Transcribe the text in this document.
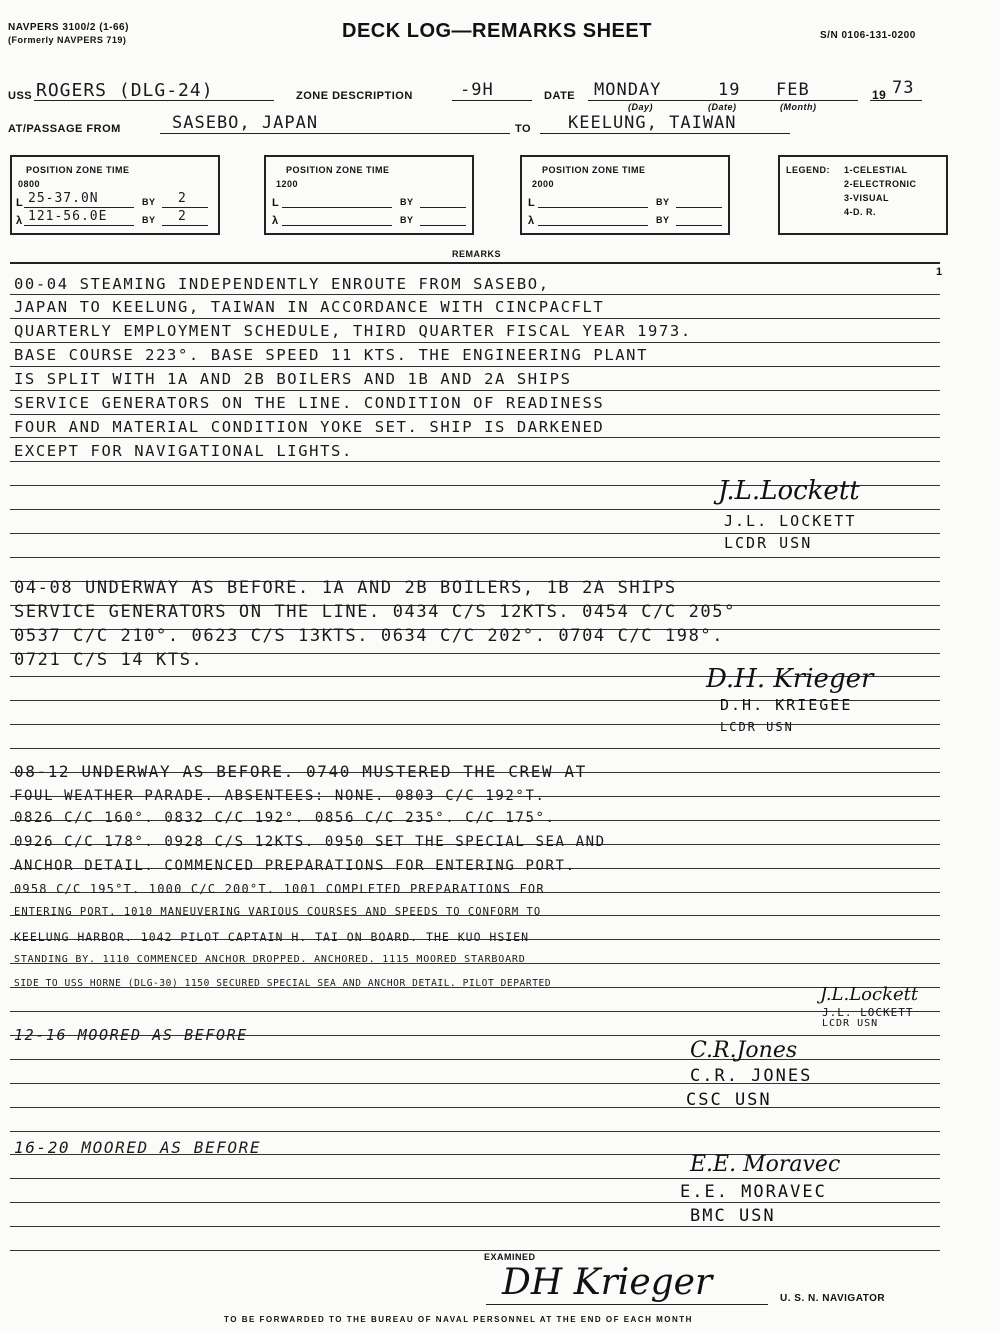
NAVPERS 3100/2 (1-66)
(Formerly NAVPERS 719)	DECK LOG—REMARKS SHEET	S/N 0106-131-0200
USS ROGERS (DLG-24)	ZONE DESCRIPTION	-9H	DATE MONDAY	19 FEB	19 73
(Day)	(Date)	(Month)
AT/PASSAGE FROM	SASEBO, JAPAN	TO KEELUNG, TAIWAN
POSITION ZONE TIME
0800
L 25-37.0N	BY 2
λ 121-56.0E	BY 2
POSITION ZONE TIME
1200
L	BY
λ	BY
POSITION ZONE TIME
2000
L	BY
λ	BY
LEGEND: 1-CELESTIAL
2-ELECTRONIC
3-VISUAL
4-D. R.
REMARKS
1
00-04 STEAMING INDEPENDENTLY ENROUTE FROM SASEBO,
JAPAN TO KEELUNG, TAIWAN IN ACCORDANCE WITH CINCPACFLT
QUARTERLY EMPLOYMENT SCHEDULE, THIRD QUARTER FISCAL YEAR 1973.
BASE COURSE 223°. BASE SPEED 11 KTS. THE ENGINEERING PLANT
IS SPLIT WITH 1A AND 2B BOILERS AND 1B AND 2A SHIPS
SERVICE GENERATORS ON THE LINE. CONDITION OF READINESS
FOUR AND MATERIAL CONDITION YOKE SET. SHIP IS DARKENED
EXCEPT FOR NAVIGATIONAL LIGHTS.
J.L.Lockett
J.L. LOCKETT
LCDR USN
04-08 UNDERWAY AS BEFORE. 1A AND 2B BOILERS, 1B 2A SHIPS
SERVICE GENERATORS ON THE LINE. 0434 C/S 12KTS. 0454 C/C 205°
0537 C/C 210°. 0623 C/S 13KTS. 0634 C/C 202°. 0704 C/C 198°.
0721 C/S 14 KTS.
D.H. Krieger
D.H. KRIEGEE
LCDR USN
08-12 UNDERWAY AS BEFORE. 0740 MUSTERED THE CREW AT
FOUL WEATHER PARADE. ABSENTEES: NONE. 0803 C/C 192°T.
0826 C/C 160°. 0832 C/C 192°. 0856 C/C 235°. C/C 175°.
0926 C/C 178°. 0928 C/S 12KTS. 0950 SET THE SPECIAL SEA AND
ANCHOR DETAIL. COMMENCED PREPARATIONS FOR ENTERING PORT.
0958 C/C 195°T. 1000 C/C 200°T. 1001 COMPLETED PREPARATIONS FOR
ENTERING PORT. 1010 MANEUVERING VARIOUS COURSES AND SPEEDS TO CONFORM TO
KEELUNG HARBOR. 1042 PILOT CAPTAIN H. TAI ON BOARD. THE KUO HSIEN
STANDING BY. 1110 COMMENCED ANCHOR DROPPED. ANCHORED. 1115 MOORED STARBOARD
SIDE TO USS HORNE (DLG-30) 1150 SECURED SPECIAL SEA AND ANCHOR DETAIL. PILOT DEPARTED
J.L.Lockett
J.L. LOCKETT
LCDR USN
12-16 MOORED AS BEFORE
C.R.Jones
C.R. JONES
CSC USN
16-20 MOORED AS BEFORE
E.E. Moravec
E.E. MORAVEC
BMC USN
EXAMINED
DH Krieger	U. S. N. NAVIGATOR
TO BE FORWARDED TO THE BUREAU OF NAVAL PERSONNEL AT THE END OF EACH MONTH
